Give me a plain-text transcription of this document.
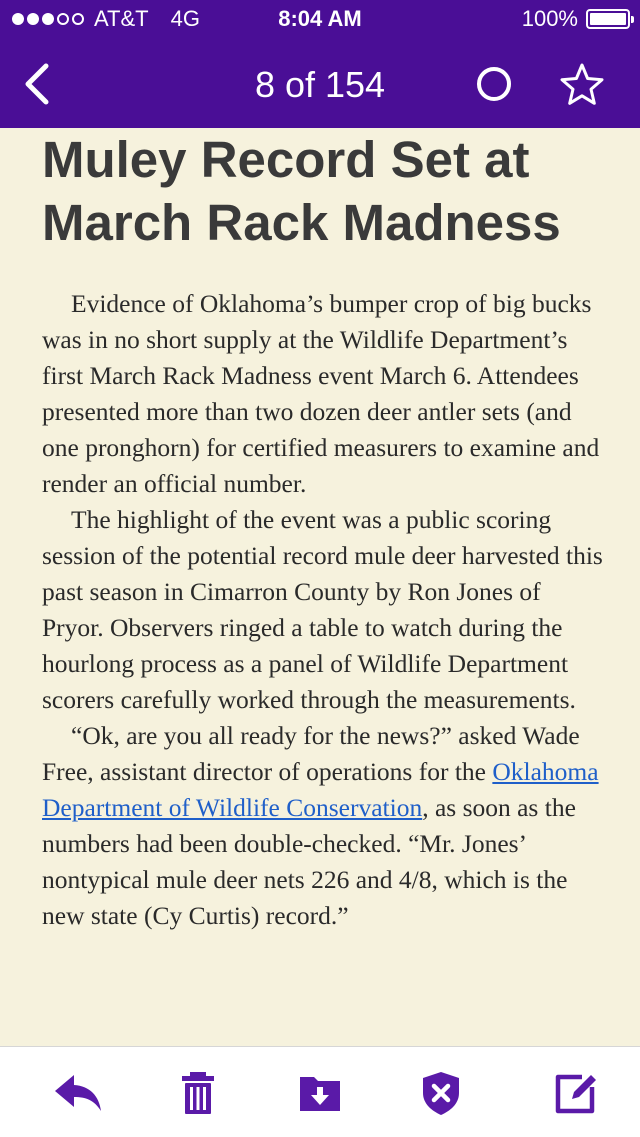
AT&T 4G	8:04 AM	100%
8 of 154
Muley Record Set at March Rack Madness

Evidence of Oklahoma’s bumper crop of big bucks was in no short supply at the Wildlife Department’s first March Rack Madness event March 6. Attendees presented more than two dozen deer antler sets (and one pronghorn) for certified measurers to examine and render an official number.

The highlight of the event was a public scoring session of the potential record mule deer harvested this past season in Cimarron County by Ron Jones of Pryor. Observers ringed a table to watch during the hourlong process as a panel of Wildlife Department scorers carefully worked through the measurements.

“Ok, are you all ready for the news?” asked Wade Free, assistant director of operations for the Oklahoma Department of Wildlife Conservation, as soon as the numbers had been double-checked. “Mr. Jones’ nontypical mule deer nets 226 and 4/8, which is the new state (Cy Curtis) record.”
